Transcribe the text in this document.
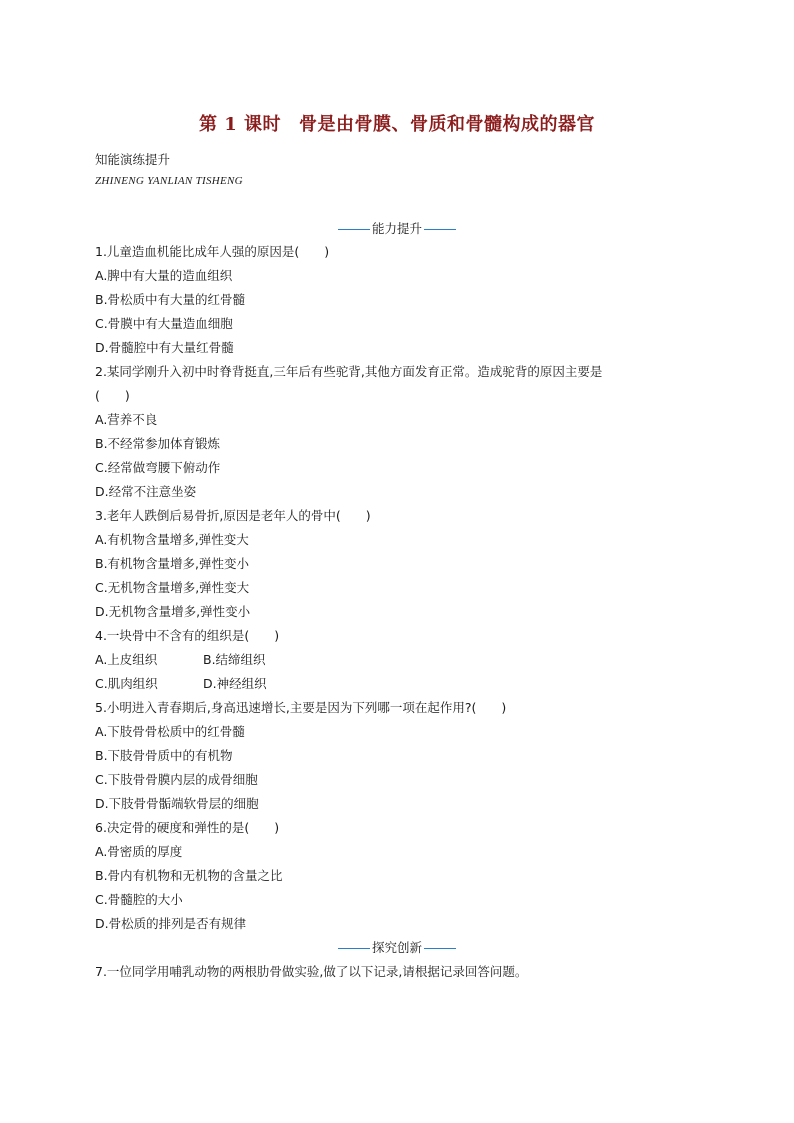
第 1 课时 骨是由骨膜、骨质和骨髓构成的器官
知能演练提升
ZHINENG YANLIAN TISHENG
能力提升
1.儿童造血机能比成年人强的原因是(　　)
A.脾中有大量的造血组织
B.骨松质中有大量的红骨髓
C.骨膜中有大量造血细胞
D.骨髓腔中有大量红骨髓
2.某同学刚升入初中时脊背挺直,三年后有些驼背,其他方面发育正常。造成驼背的原因主要是
(　　)
A.营养不良
B.不经常参加体育锻炼
C.经常做弯腰下俯动作
D.经常不注意坐姿
3.老年人跌倒后易骨折,原因是老年人的骨中(　　)
A.有机物含量增多,弹性变大
B.有机物含量增多,弹性变小
C.无机物含量增多,弹性变大
D.无机物含量增多,弹性变小
4.一块骨中不含有的组织是(　　)
A.上皮组织	B.结缔组织
C.肌肉组织	D.神经组织
5.小明进入青春期后,身高迅速增长,主要是因为下列哪一项在起作用?(　　)
A.下肢骨骨松质中的红骨髓
B.下肢骨骨质中的有机物
C.下肢骨骨膜内层的成骨细胞
D.下肢骨骨骺端软骨层的细胞
6.决定骨的硬度和弹性的是(　　)
A.骨密质的厚度
B.骨内有机物和无机物的含量之比
C.骨髓腔的大小
D.骨松质的排列是否有规律
探究创新
7.一位同学用哺乳动物的两根肋骨做实验,做了以下记录,请根据记录回答问题。
